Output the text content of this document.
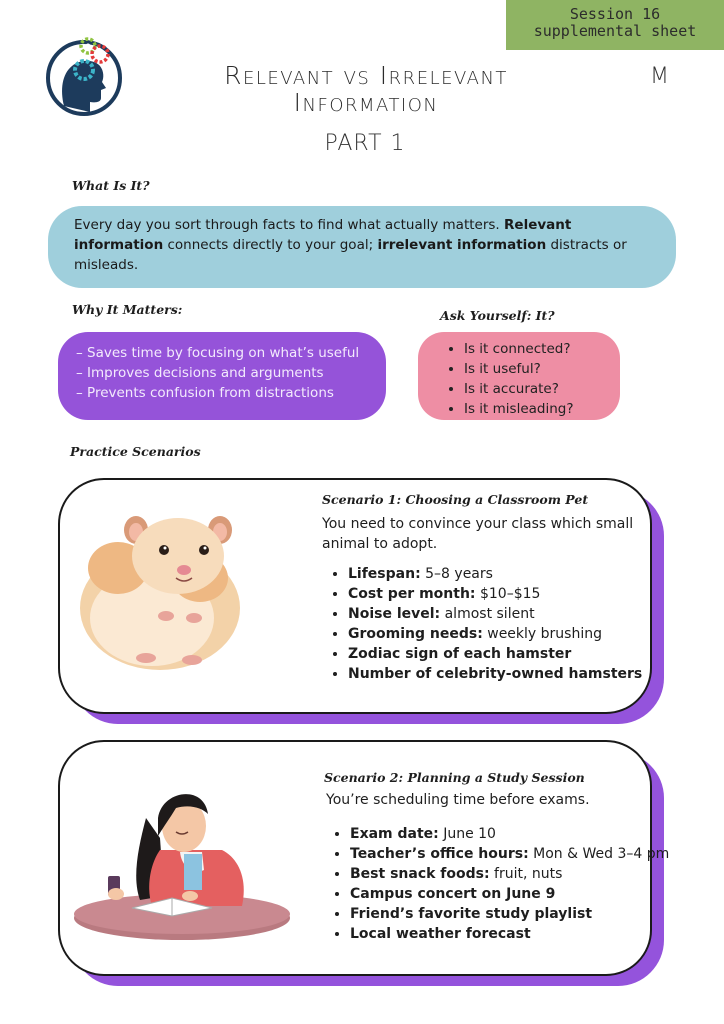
Session 16
supplemental sheet
Relevant vs Irrelevant
Information
M
PART 1
What Is It?
Every day you sort through facts to find what actually matters. Relevant information connects directly to your goal; irrelevant information distracts or misleads.
Why It Matters:
– Saves time by focusing on what’s useful
– Improves decisions and arguments
– Prevents confusion from distractions
Ask Yourself: It?
• Is it connected?
• Is it useful?
• Is it accurate?
• Is it misleading?
Practice Scenarios
Scenario 1: Choosing a Classroom Pet
You need to convince your class which small
animal to adopt.
• Lifespan: 5–8 years
• Cost per month: $10–$15
• Noise level: almost silent
• Grooming needs: weekly brushing
• Zodiac sign of each hamster
• Number of celebrity-owned hamsters
Scenario 2: Planning a Study Session
You’re scheduling time before exams.
• Exam date: June 10
• Teacher’s office hours: Mon & Wed 3–4 pm
• Best snack foods: fruit, nuts
• Campus concert on June 9
• Friend’s favorite study playlist
• Local weather forecast
